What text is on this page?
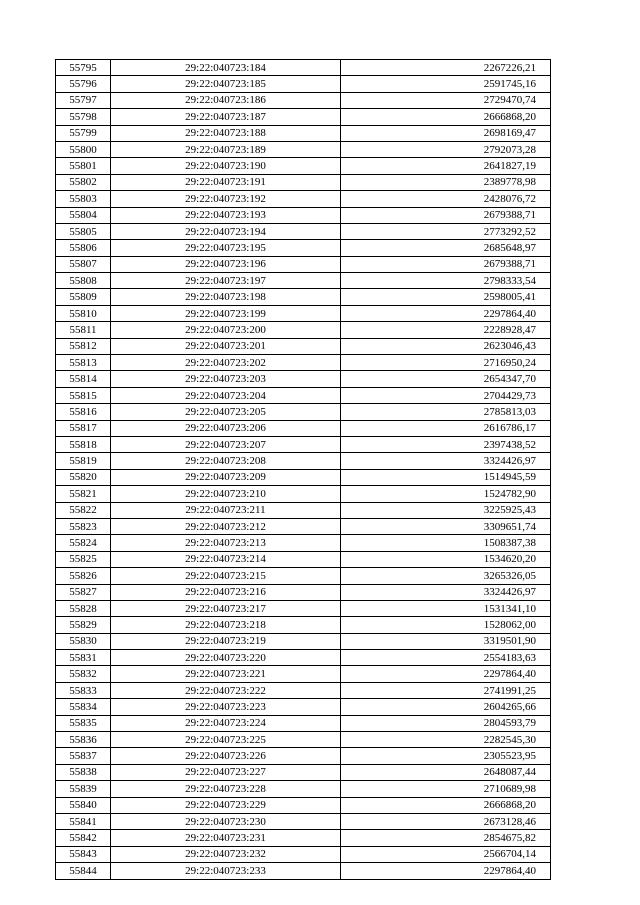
55795	29:22:040723:184	2267226,21
55796	29:22:040723:185	2591745,16
55797	29:22:040723:186	2729470,74
55798	29:22:040723:187	2666868,20
55799	29:22:040723:188	2698169,47
55800	29:22:040723:189	2792073,28
55801	29:22:040723:190	2641827,19
55802	29:22:040723:191	2389778,98
55803	29:22:040723:192	2428076,72
55804	29:22:040723:193	2679388,71
55805	29:22:040723:194	2773292,52
55806	29:22:040723:195	2685648,97
55807	29:22:040723:196	2679388,71
55808	29:22:040723:197	2798333,54
55809	29:22:040723:198	2598005,41
55810	29:22:040723:199	2297864,40
55811	29:22:040723:200	2228928,47
55812	29:22:040723:201	2623046,43
55813	29:22:040723:202	2716950,24
55814	29:22:040723:203	2654347,70
55815	29:22:040723:204	2704429,73
55816	29:22:040723:205	2785813,03
55817	29:22:040723:206	2616786,17
55818	29:22:040723:207	2397438,52
55819	29:22:040723:208	3324426,97
55820	29:22:040723:209	1514945,59
55821	29:22:040723:210	1524782,90
55822	29:22:040723:211	3225925,43
55823	29:22:040723:212	3309651,74
55824	29:22:040723:213	1508387,38
55825	29:22:040723:214	1534620,20
55826	29:22:040723:215	3265326,05
55827	29:22:040723:216	3324426,97
55828	29:22:040723:217	1531341,10
55829	29:22:040723:218	1528062,00
55830	29:22:040723:219	3319501,90
55831	29:22:040723:220	2554183,63
55832	29:22:040723:221	2297864,40
55833	29:22:040723:222	2741991,25
55834	29:22:040723:223	2604265,66
55835	29:22:040723:224	2804593,79
55836	29:22:040723:225	2282545,30
55837	29:22:040723:226	2305523,95
55838	29:22:040723:227	2648087,44
55839	29:22:040723:228	2710689,98
55840	29:22:040723:229	2666868,20
55841	29:22:040723:230	2673128,46
55842	29:22:040723:231	2854675,82
55843	29:22:040723:232	2566704,14
55844	29:22:040723:233	2297864,40
